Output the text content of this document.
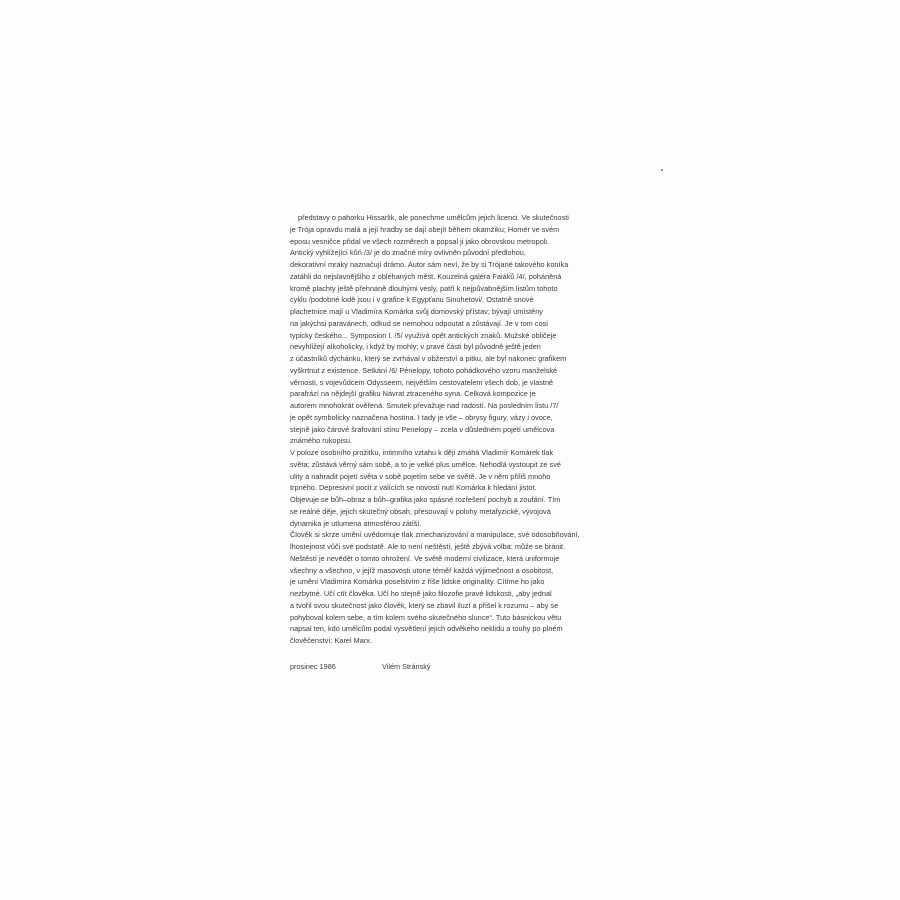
představy o pahorku Hissarlik, ale ponechme umělcům jejich licenci. Ve skutečnosti
je Trója opravdu malá a její hradby se dají obejít během okamžiku; Homér ve svém
eposu vesničce přidal ve všech rozměrech a popsal ji jako obrovskou metropoli.
Antický vyhlížející kůň /3/ je do značné míry ovlivněn původní předlohou,
dekorativní mraky naznačují drámo. Autor sám neví, že by si Trójané takového koníka
zatáhli do nejslavnějšího z obléhaných měst. Kouzelná galéra Faiáků /4/, poháněná
kromě plachty ještě přehnaně dlouhými vesly, patří k nejpůvabnějším listům tohoto
cyklu /podobné lodě jsou i v grafice k Egypťanu Sinuhetovi/. Ostatně snové
plachetnice mají u Vladimíra Komárka svůj domovský přístav; bývají umístěny
na jakýchsi paravánech, odkud se nemohou odpoutat a zůstávají. Je v tom cosi
typicky českého... Symposion I. /5/ využívá opět antických znaků. Mužské obličeje
nevyhlížejí alkoholicky, i když by mohly; v pravé části byl původně ještě jeden
z účastníků dýchánku, který se zvrhával v obžerství a pitku, ale byl nakonec grafikem
vyškrtnut z existence. Setkání /6/ Pénelopy, tohoto pohádkového vzoru manželské
věrnosti, s vojevůdcem Odysseem, největším cestovatelem všech dob, je vlastně
parafrází na nějdejší grafiku Návrat ztraceného syna. Celková kompozice je
autorem mnohokrát ověřená. Smutek převažuje nad radostí. Na posledním listu /7/
je opět symbolicky naznačena hostina. I tady je vše – obrysy figury, vázy i ovoce,
stejně jako čárové šrafování stínu Penelopy – zcela v důsledném pojetí umělcova
známého rukopisu.
V poloze osobního prožitku, intimního vztahu k ději zmáhá Vladimír Komárek tlak
světa; zůstává věrný sám sobě, a to je velké plus umělce. Nehodlá vystoupit ze své
ulity a nahradit pojetí světa v sobě pojetím sebe ve světě. Je v něm příliš mnoho
trpného. Depresivní pocit z valících se novostí nutí Komárka k hledání jistot.
Objevuje se bůh–obraz a bůh–grafika jako spásné rozřešení pochyb a zoufání. Tím
se reálné děje, jejich skutečný obsah, přesouvají v polohy metafyzické, vývojová
dynamika je utlumena atmosférou zátiší.
Člověk si skrze umění uvědomuje tlak zmechanizování a manipulace, své odosobňování,
lhostejnost vůči své podstatě. Ale to není neštěstí, ještě zbývá volba: může se bránit.
Neštěstí je nevědět o tomto ohrožení. Ve světě moderní civilizace, která uniformuje
všechny a všechno, v jejíž masovosti utone téměř každá výjimečnost a osobitost,
je umění Vladimíra Komárka poselstvím z říše lidské originality. Cítíme ho jako
nezbytné. Učí ctít člověka. Učí ho stejně jako filozofie pravé lidskosti, „aby jednal
a tvořil svou skutečnost jako člověk, který se zbavil iluzí a přišel k rozumu – aby se
pohyboval kolem sebe, a tím kolem svého skutečného slunce“. Tuto básnickou větu
napsal ten, kdo umělcům podal vysvětlení jejich odvěkého neklidu a touhy po plném
člověčenství: Karel Marx.
prosinec 1986	Vilém Stránský
